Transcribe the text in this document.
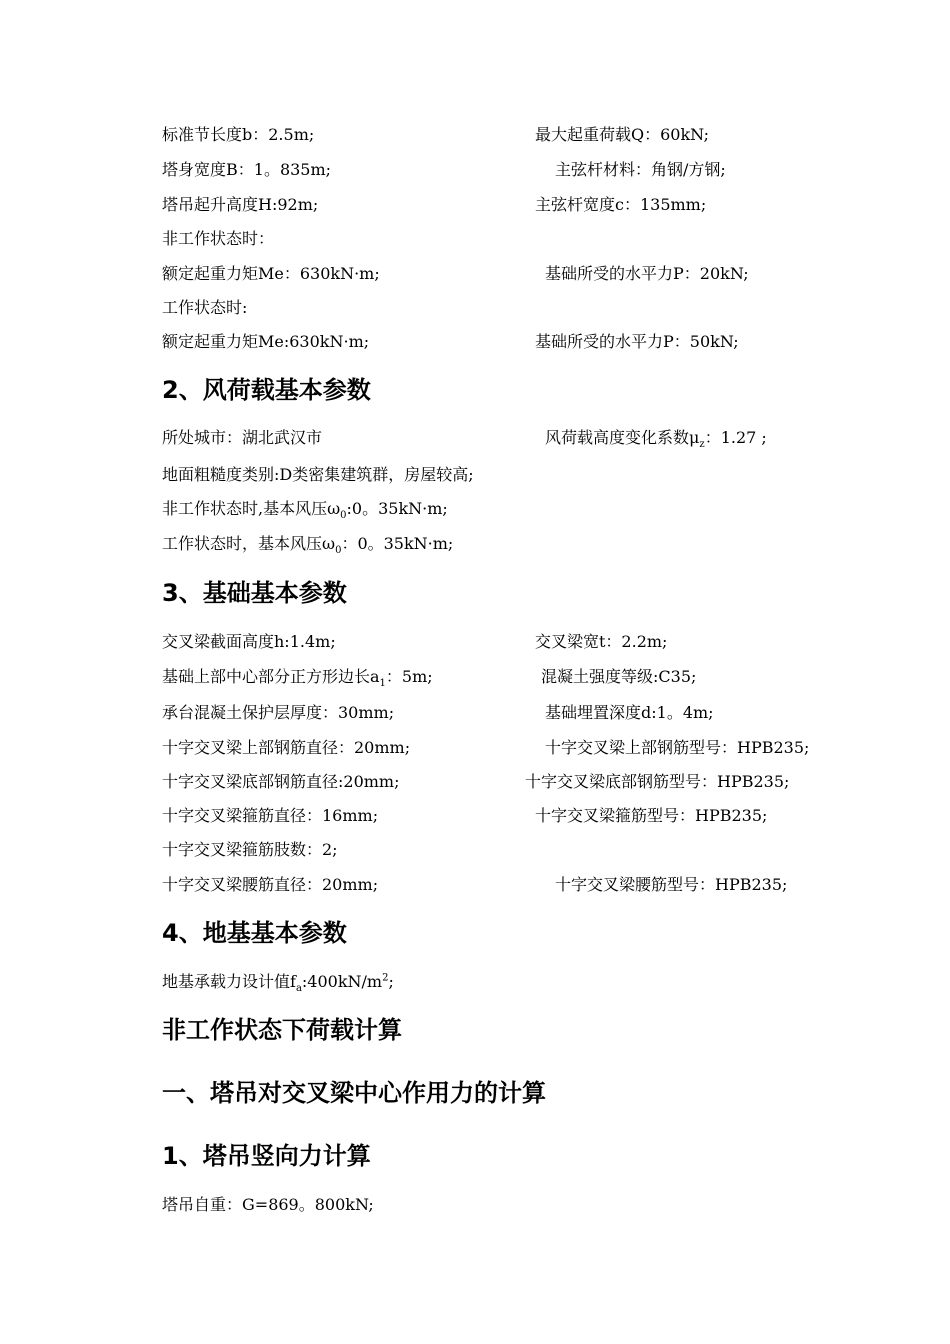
标准节长度b：2.5m;	最大起重荷载Q：60kN;
塔身宽度B：1。835m;	主弦杆材料：角钢/方钢;
塔吊起升高度H:92m;	主弦杆宽度c：135mm;
非工作状态时：
额定起重力矩Me：630kN·m;	基础所受的水平力P：20kN;
工作状态时:
额定起重力矩Me:630kN·m;	基础所受的水平力P：50kN;
2、风荷载基本参数
所处城市：湖北武汉市	风荷载高度变化系数$\mu_z$：1.27 ;
地面粗糙度类别:D类密集建筑群，房屋较高;
非工作状态时,基本风压$\omega_0:0$。35kN·m;
工作状态时，基本风压$\omega_0$：0。35kN·m;
3、基础基本参数
交叉梁截面高度h:1.4m;	交叉梁宽t：2.2m;
基础上部中心部分正方形边长$a_1$：5m;	混凝土强度等级:C35;
承台混凝土保护层厚度：30mm;	基础埋置深度d:1。4m;
十字交叉梁上部钢筋直径：20mm;	十字交叉梁上部钢筋型号：HPB235;
十字交叉梁底部钢筋直径:20mm;	十字交叉梁底部钢筋型号：HPB235;
十字交叉梁箍筋直径：16mm;	十字交叉梁箍筋型号：HPB235;
十字交叉梁箍筋肢数：2;
十字交叉梁腰筋直径：20mm;	十字交叉梁腰筋型号：HPB235;
4、地基基本参数
地基承载力设计值$f_a:400kN/m^2$;
非工作状态下荷载计算
一、塔吊对交叉梁中心作用力的计算
1、塔吊竖向力计算
塔吊自重：G=869。800kN;
